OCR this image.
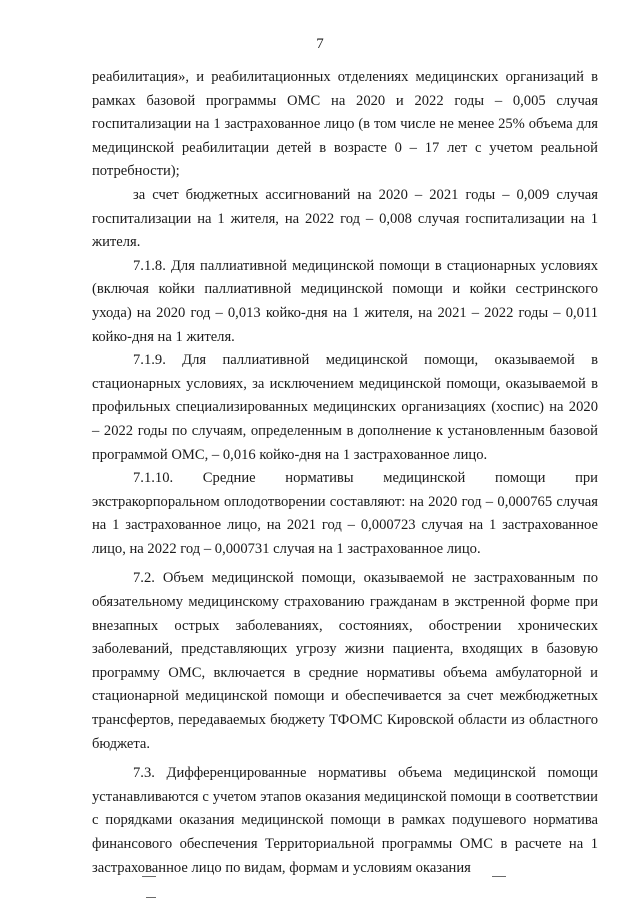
7

реабилитация», и реабилитационных отделениях медицинских организаций в рамках базовой программы ОМС на 2020 и 2022 годы – 0,005 случая госпитализации на 1 застрахованное лицо (в том числе не менее 25% объема для медицинской реабилитации детей в возрасте 0 – 17 лет с учетом реальной потребности);

за счет бюджетных ассигнований на 2020 – 2021 годы – 0,009 случая госпитализации на 1 жителя, на 2022 год – 0,008 случая госпитализации на 1 жителя.

7.1.8. Для паллиативной медицинской помощи в стационарных условиях (включая койки паллиативной медицинской помощи и койки сестринского ухода) на 2020 год – 0,013 койко-дня на 1 жителя, на 2021 – 2022 годы – 0,011 койко-дня на 1 жителя.

7.1.9. Для паллиативной медицинской помощи, оказываемой в стационарных условиях, за исключением медицинской помощи, оказываемой в профильных специализированных медицинских организациях (хоспис) на 2020 – 2022 годы по случаям, определенным в дополнение к установленным базовой программой ОМС, – 0,016 койко-дня на 1 застрахованное лицо.

7.1.10. Средние нормативы медицинской помощи при экстракорпоральном оплодотворении составляют: на 2020 год – 0,000765 случая на 1 застрахованное лицо, на 2021 год – 0,000723 случая на 1 застрахованное лицо, на 2022 год – 0,000731 случая на 1 застрахованное лицо.

7.2. Объем медицинской помощи, оказываемой не застрахованным по обязательному медицинскому страхованию гражданам в экстренной форме при внезапных острых заболеваниях, состояниях, обострении хронических заболеваний, представляющих угрозу жизни пациента, входящих в базовую программу ОМС, включается в средние нормативы объема амбулаторной и стационарной медицинской помощи и обеспечивается за счет межбюджетных трансфертов, передаваемых бюджету ТФОМС Кировской области из областного бюджета.

7.3. Дифференцированные нормативы объема медицинской помощи устанавливаются с учетом этапов оказания медицинской помощи в соответствии с порядками оказания медицинской помощи в рамках подушевого норматива финансового обеспечения Территориальной программы ОМС в расчете на 1 застрахованное лицо по видам, формам и условиям оказания
